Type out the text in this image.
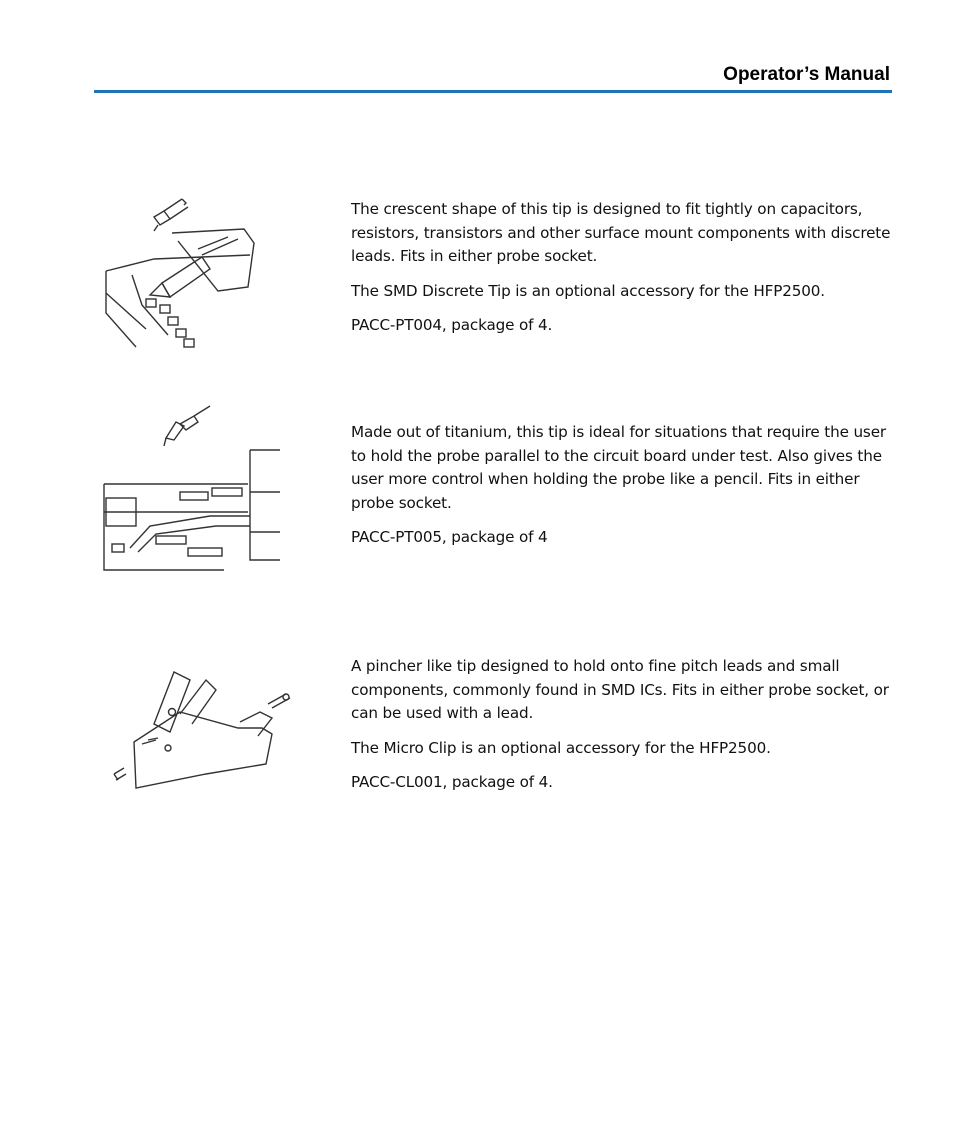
Operator’s Manual

The crescent shape of this tip is designed to fit tightly on capacitors, resistors, transistors and other surface mount components with discrete leads. Fits in either probe socket.

The SMD Discrete Tip is an optional accessory for the HFP2500.

PACC-PT004, package of 4.

Made out of titanium, this tip is ideal for situations that require the user to hold the probe parallel to the circuit board under test. Also gives the user more control when holding the probe like a pencil. Fits in either probe socket.

PACC-PT005, package of 4

A pincher like tip designed to hold onto fine pitch leads and small components, commonly found in SMD ICs. Fits in either probe socket, or can be used with a lead.

The Micro Clip is an optional accessory for the HFP2500.

PACC-CL001, package of 4.
